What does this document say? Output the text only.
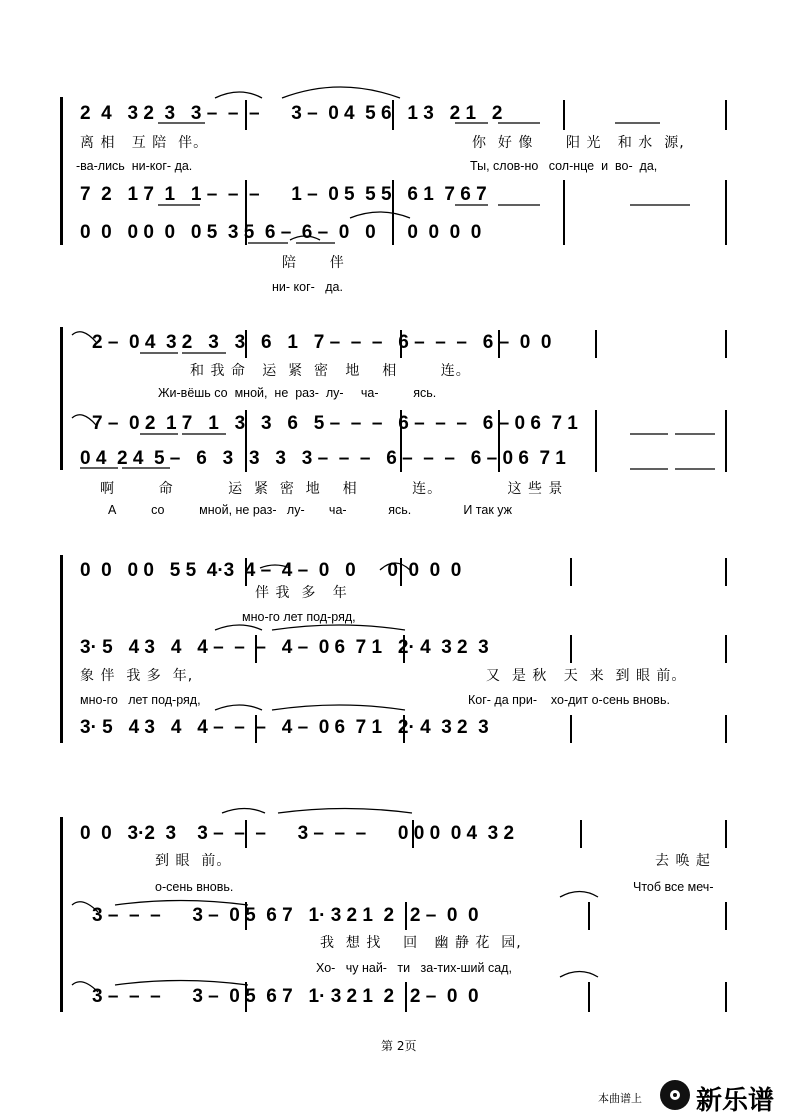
2  4   3 2  3   3 –  –  –      3 –  0 4  5 6   1 3   2 1   2
离 相   互 陪  伴。	你  好 像      阳 光   和 水  源,
-ва-лись  ни-ког- да.	Ты, слов-но   сол-нце  и  во-  да,
7  2   1 7  1   1 –  –  –      1 –  0 5  5 5   6 1  7 6 7
0  0   0 0  0   0 5  3 5  6 –  6 –  0   0      0  0  0  0
陪      伴
ни- ког-   да.
2 –  0 4  3 2   3   3   6   1   7 –  –  –   6 –  –  –   6 –  0  0
和 我 命   运  紧  密   地    相        连。
Жи-вёшь со  мной,  не  раз-  лу-     ча-          ясь.
7 –  0 2  1 7   1   3   3   6   5 –  –  –   6 –  –  –   6 – 0 6  7 1
0 4  2 4  5 –   6   3   3   3   3 –  –  –   6 –  –  –   6 – 0 6  7 1
啊        命          运  紧  密  地    相          连。            这 些 景
А          со          мной, не раз-   лу-       ча-            ясь.               И так уж
0  0   0 0   5 5  4·3  4 –  4 –  0   0      0  0  0  0
伴 我  多   年
мно-го лет под-ряд,
3· 5   4 3   4   4 –  –  –   4 –  0 6  7 1   2· 4  3 2  3
象 伴  我 多  年,	又  是 秋   天  来  到 眼 前。
мно-го   лет под-ряд,	Ког- да при-    хо-дит о-сень вновь.
3· 5   4 3   4   4 –  –  –   4 –  0 6  7 1   2· 4  3 2  3
0  0   3·2  3    3 –  –  –      3 –  –  –      0 0 0  0 4  3 2
到 眼  前。	去 唤 起
о-сень вновь.	Чтоб все меч-
3 –  –  –      3 –  0 5  6 7   1· 3 2 1  2   2 –  0  0
我  想 找    回   幽 静 花  园,
Хо-   чу най-   ти   за-тих-ший сад,
3 –  –  –      3 –  0 5  6 7   1· 3 2 1  2   2 –  0  0
第 2页
本曲谱上 新乐谱
